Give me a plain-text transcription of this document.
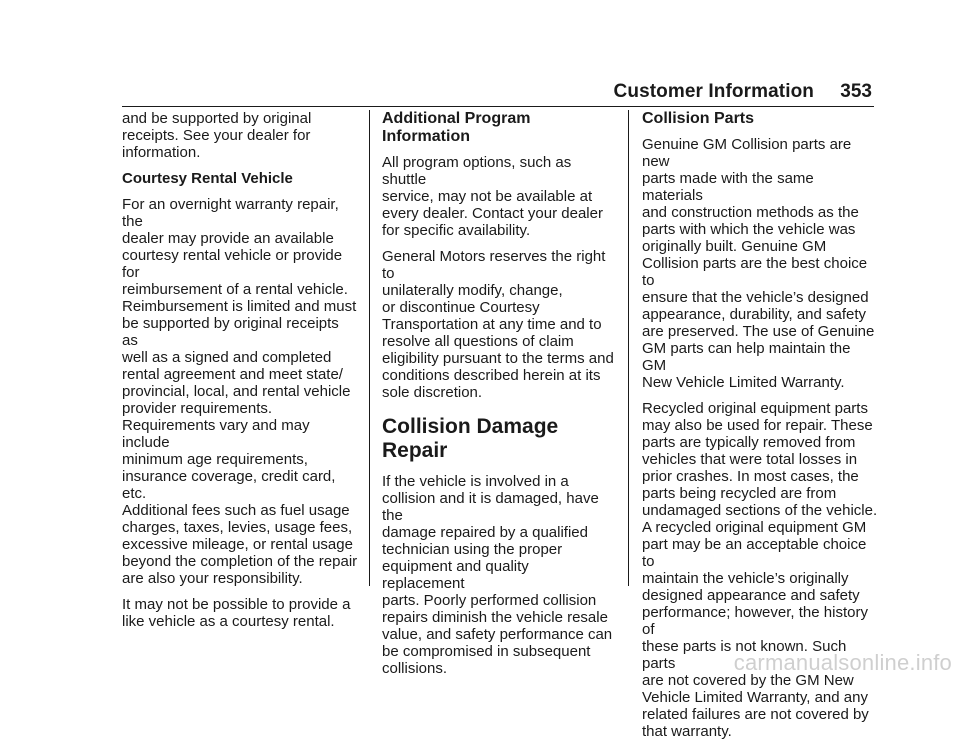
Customer Information 353

and be supported by original
receipts. See your dealer for
information.

Courtesy Rental Vehicle

For an overnight warranty repair, the
dealer may provide an available
courtesy rental vehicle or provide for
reimbursement of a rental vehicle.
Reimbursement is limited and must
be supported by original receipts as
well as a signed and completed
rental agreement and meet state/
provincial, local, and rental vehicle
provider requirements.
Requirements vary and may include
minimum age requirements,
insurance coverage, credit card, etc.
Additional fees such as fuel usage
charges, taxes, levies, usage fees,
excessive mileage, or rental usage
beyond the completion of the repair
are also your responsibility.

It may not be possible to provide a
like vehicle as a courtesy rental.

Additional Program
Information

All program options, such as shuttle
service, may not be available at
every dealer. Contact your dealer
for specific availability.

General Motors reserves the right to
unilaterally modify, change,
or discontinue Courtesy
Transportation at any time and to
resolve all questions of claim
eligibility pursuant to the terms and
conditions described herein at its
sole discretion.

Collision Damage Repair

If the vehicle is involved in a
collision and it is damaged, have the
damage repaired by a qualified
technician using the proper
equipment and quality replacement
parts. Poorly performed collision
repairs diminish the vehicle resale
value, and safety performance can
be compromised in subsequent
collisions.

Collision Parts

Genuine GM Collision parts are new
parts made with the same materials
and construction methods as the
parts with which the vehicle was
originally built. Genuine GM
Collision parts are the best choice to
ensure that the vehicle’s designed
appearance, durability, and safety
are preserved. The use of Genuine
GM parts can help maintain the GM
New Vehicle Limited Warranty.

Recycled original equipment parts
may also be used for repair. These
parts are typically removed from
vehicles that were total losses in
prior crashes. In most cases, the
parts being recycled are from
undamaged sections of the vehicle.
A recycled original equipment GM
part may be an acceptable choice to
maintain the vehicle’s originally
designed appearance and safety
performance; however, the history of
these parts is not known. Such parts
are not covered by the GM New
Vehicle Limited Warranty, and any
related failures are not covered by
that warranty.

carmanualsonline.info
